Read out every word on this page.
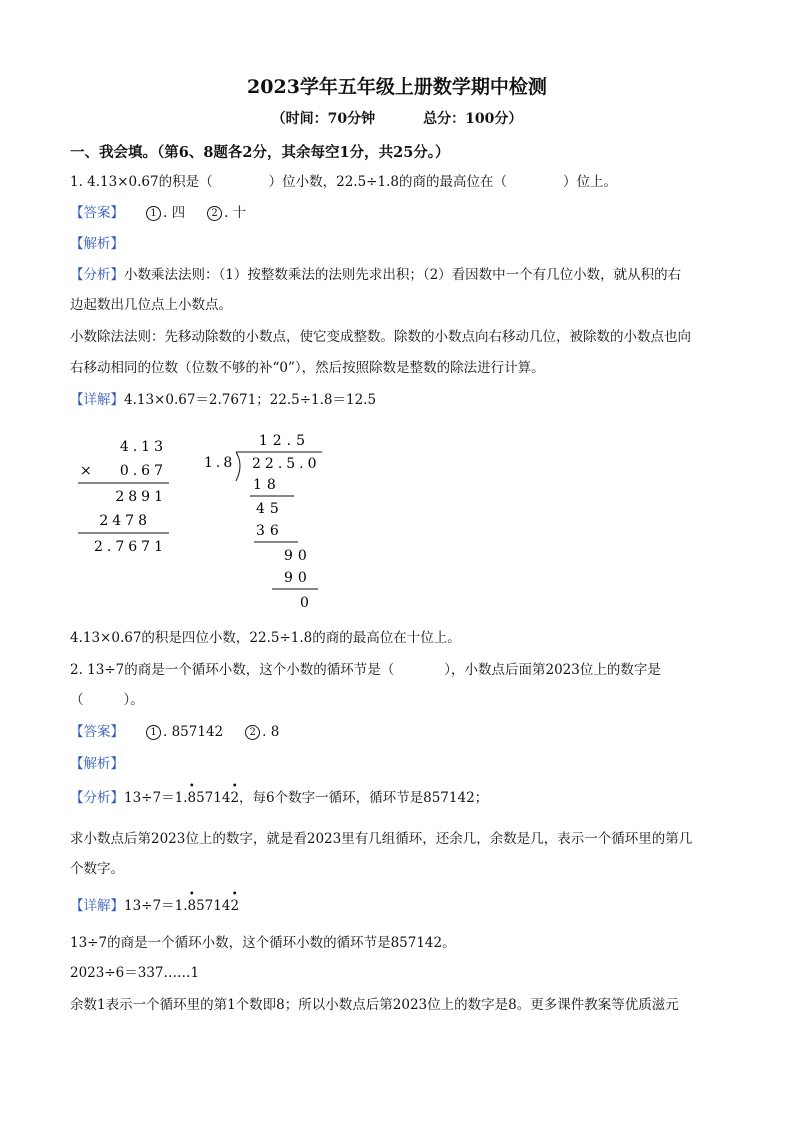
2023学年五年级上册数学期中检测
（时间：70分钟	总分：100分）
一、我会填。（第6、8题各2分，其余每空1分，共25分。）
1. 4.13×0.67的积是（	）位小数，22.5÷1.8的商的最高位在（	）位上。
【答案】	1 . 四	2 . 十
【解析】
【分析】小数乘法法则：（1）按整数乘法的法则先求出积；（2）看因数中一个有几位小数，就从积的右
边起数出几位点上小数点。
小数除法法则：先移动除数的小数点，使它变成整数。除数的小数点向右移动几位，被除数的小数点也向
右移动相同的位数（位数不够的补“0”），然后按照除数是整数的除法进行计算。
【详解】4.13×0.67＝2.7671；22.5÷1.8＝12.5
4.13
× 0.67
2891
2478
2.7671
12.5
1.8 22.5.0
18
45
36
90
90
0
4.13×0.67的积是四位小数，22.5÷1.8的商的最高位在十位上。
2. 13÷7的商是一个循环小数，这个小数的循环节是（	），小数点后面第2023位上的数字是
（	）。
【答案】	1 . 857142	2 . 8
【解析】
【分析】13÷7＝1.
•
85714
•
2，每6个数字一循环，循环节是857142；
求小数点后第2023位上的数字，就是看2023里有几组循环，还余几，余数是几，表示一个循环里的第几
个数字。
【详解】13÷7＝1.
•
85714
•
2
13÷7的商是一个循环小数，这个循环小数的循环节是857142。
2023÷6＝337……1
余数1表示一个循环里的第1个数即8；所以小数点后第2023位上的数字是8。更多课件教案等优质滋元
